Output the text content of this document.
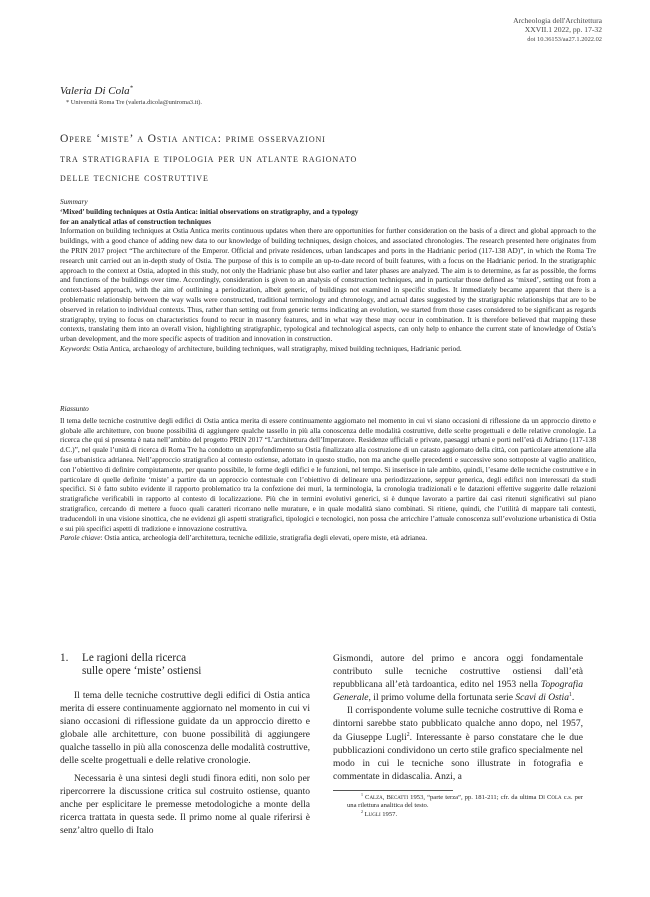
Archeologia dell'Architettura
XXVII.1 2022, pp. 17-32
doi 10.36153/aa27.1.2022.02
Valeria Di Cola*
* Università Roma Tre (valeria.dicola@uniroma3.it).
Opere ‘miste’ a Ostia antica: prime osservazioni
tra stratigrafia e tipologia per un atlante ragionato
delle tecniche costruttive
Summary
‘Mixed’ building techniques at Ostia Antica: initial observations on stratigraphy, and a typology
for an analytical atlas of construction techniques

Information on building techniques at Ostia Antica merits continuous updates when there are opportunities for further consideration on the basis of a direct and global approach to the buildings, with a good chance of adding new data to our knowledge of building techniques, design choices, and associated chronologies. The research presented here originates from the PRIN 2017 project “The architecture of the Emperor. Official and private residences, urban landscapes and ports in the Hadrianic period (117-138 AD)”, in which the Roma Tre research unit carried out an in-depth study of Ostia. The purpose of this is to compile an up-to-date record of built features, with a focus on the Hadrianic period. In the stratigraphic approach to the context at Ostia, adopted in this study, not only the Hadrianic phase but also earlier and later phases are analyzed. The aim is to determine, as far as possible, the forms and functions of the buildings over time. Accordingly, consideration is given to an analysis of construction techniques, and in particular those defined as ‘mixed’, setting out from a context-based approach, with the aim of outlining a periodization, albeit generic, of buildings not examined in specific studies. It immediately became apparent that there is a problematic relationship between the way walls were constructed, traditional terminology and chronology, and actual dates suggested by the stratigraphic relationships that are to be observed in relation to individual contexts. Thus, rather than setting out from generic terms indicating an evolution, we started from those cases considered to be significant as regards stratigraphy, trying to focus on characteristics found to recur in masonry features, and in what way these may occur in combination. It is therefore believed that mapping these contexts, translating them into an overall vision, highlighting stratigraphic, typological and technological aspects, can only help to enhance the current state of knowledge of Ostia’s urban development, and the more specific aspects of tradition and innovation in construction.

Keywords: Ostia Antica, archaeology of architecture, building techniques, wall stratigraphy, mixed building techniques, Hadrianic period.

Riassunto

Il tema delle tecniche costruttive degli edifici di Ostia antica merita di essere continuamente aggiornato nel momento in cui vi siano occasioni di riflessione da un approccio diretto e globale alle architetture, con buone possibilità di aggiungere qualche tassello in più alla conoscenza delle modalità costruttive, delle scelte progettuali e delle relative cronologie. La ricerca che qui si presenta è nata nell’ambito del progetto PRIN 2017 “L’architettura dell’Imperatore. Residenze ufficiali e private, paesaggi urbani e porti nell’età di Adriano (117-138 d.C.)”, nel quale l’unità di ricerca di Roma Tre ha condotto un approfondimento su Ostia finalizzato alla costruzione di un catasto aggiornato della città, con particolare attenzione alla fase urbanistica adrianea. Nell’approccio stratigrafico al contesto ostiense, adottato in questo studio, non ma anche quelle precedenti e successive sono sottoposte al vaglio analitico, con l’obiettivo di definire compiutamente, per quanto possibile, le forme degli edifici e le funzioni, nel tempo. Si inserisce in tale ambito, quindi, l’esame delle tecniche costruttive e in particolare di quelle definite ‘miste’ a partire da un approccio contestuale con l’obiettivo di delineare una periodizzazione, seppur generica, degli edifici non interessati da studi specifici. Si è fatto subito evidente il rapporto problematico tra la confezione dei muri, la terminologia, la cronologia tradizionali e le datazioni effettive suggerite dalle relazioni stratigrafiche verificabili in rapporto al contesto di localizzazione. Più che in termini evolutivi generici, si è dunque lavorato a partire dai casi ritenuti significativi sul piano stratigrafico, cercando di mettere a fuoco quali caratteri ricorrano nelle murature, e in quale modalità siano combinati. Si ritiene, quindi, che l’utilità di mappare tali contesti, traducendoli in una visione sinottica, che ne evidenzi gli aspetti stratigrafici, tipologici e tecnologici, non possa che arricchire l’attuale conoscenza sull’evoluzione urbanistica di Ostia e sui più specifici aspetti di tradizione e innovazione costruttiva.

Parole chiave: Ostia antica, archeologia dell’architettura, tecniche edilizie, stratigrafia degli elevati, opere miste, età adrianea.

1. Le ragioni della ricerca
sulle opere ‘miste’ ostiensi

Il tema delle tecniche costruttive degli edifici di Ostia antica merita di essere continuamente aggiornato nel momento in cui vi siano occasioni di riflessione guidate da un approccio diretto e globale alle architetture, con buone possibilità di aggiungere qualche tassello in più alla conoscenza delle modalità costruttive, delle scelte progettuali e delle relative cronologie.

Necessaria è una sintesi degli studi finora editi, non solo per ripercorrere la discussione critica sul costruito ostiense, quanto anche per esplicitare le premesse metodologiche a monte della ricerca trattata in questa sede. Il primo nome al quale riferirsi è senz’altro quello di Italo

Gismondi, autore del primo e ancora oggi fondamentale contributo sulle tecniche costruttive ostiensi dall’età repubblicana all’età tardoantica, edito nel 1953 nella Topografia Generale, il primo volume della fortunata serie Scavi di Ostia$^1$.

Il corrispondente volume sulle tecniche costruttive di Roma e dintorni sarebbe stato pubblicato qualche anno dopo, nel 1957, da Giuseppe Lugli$^2$. Interessante è parso constatare che le due pubblicazioni condividono un certo stile grafico specialmente nel modo in cui le tecniche sono illustrate in fotografia e commentate in didascalia. Anzi, a

$^1$ Calza, Becatti 1953, “parte terza”, pp. 181-211; cfr. da ultima Di Cola c.s. per una rilettura analitica del testo.

$^2$ Lugli 1957.
